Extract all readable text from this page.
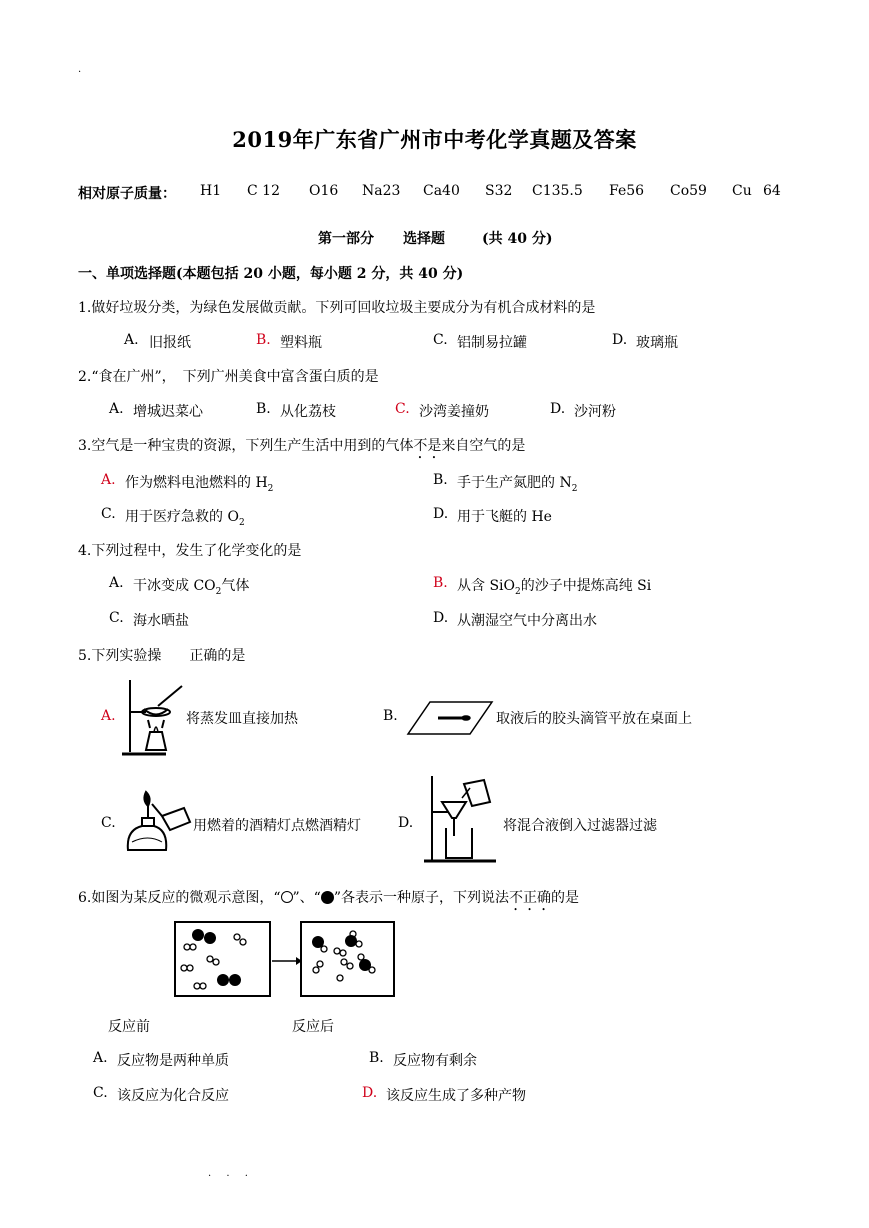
.
2019年广东省广州市中考化学真题及答案
相对原子质量： H1 C 12 O16 Na23 Ca40 S32 C135.5 Fe56 Co59 Cu 64
第一部分 选择题	(共 40 分)
一、单项选择题(本题包括 20 小题，每小题 2 分，共 40 分)
1.做好垃圾分类，为绿色发展做贡献。下列可回收垃圾主要成分为有机合成材料的是
A. 旧报纸	B. 塑料瓶	C. 铝制易拉罐	D. 玻璃瓶
2.“食在广州”，　下列广州美食中富含蛋白质的是
A. 增城迟菜心	B. 从化荔枝	C. 沙湾姜撞奶	D. 沙河粉
3.空气是一种宝贵的资源，下列生产生活中用到的气体不是来自空气的是
A. 作为燃料电池燃料的 $H_2$
B. 手于生产氮肥的 $N_2$
C. 用于医疗急救的 $O_2$
D. 用于飞艇的 He
4.下列过程中，发生了化学变化的是
A. 干冰变成 $CO_2$气体	B. 从含 SiO$_2$的沙子中提炼高纯 Si
C. 海水晒盐	D. 从潮湿空气中分离出水
5.下列实验操　　正确的是
A.	将蒸发皿直接加热	B.	取液后的胶头滴管平放在桌面上
C.	用燃着的酒精灯点燃酒精灯	D.	将混合液倒入过滤器过滤
6.如图为某反应的微观示意图，“ ”、“ ”各表示一种原子，下列说法不正确的是
反应前	反应后
A. 反应物是两种单质	B. 反应物有剩余
C. 该反应为化合反应	D. 该反应生成了多种产物
. . .
